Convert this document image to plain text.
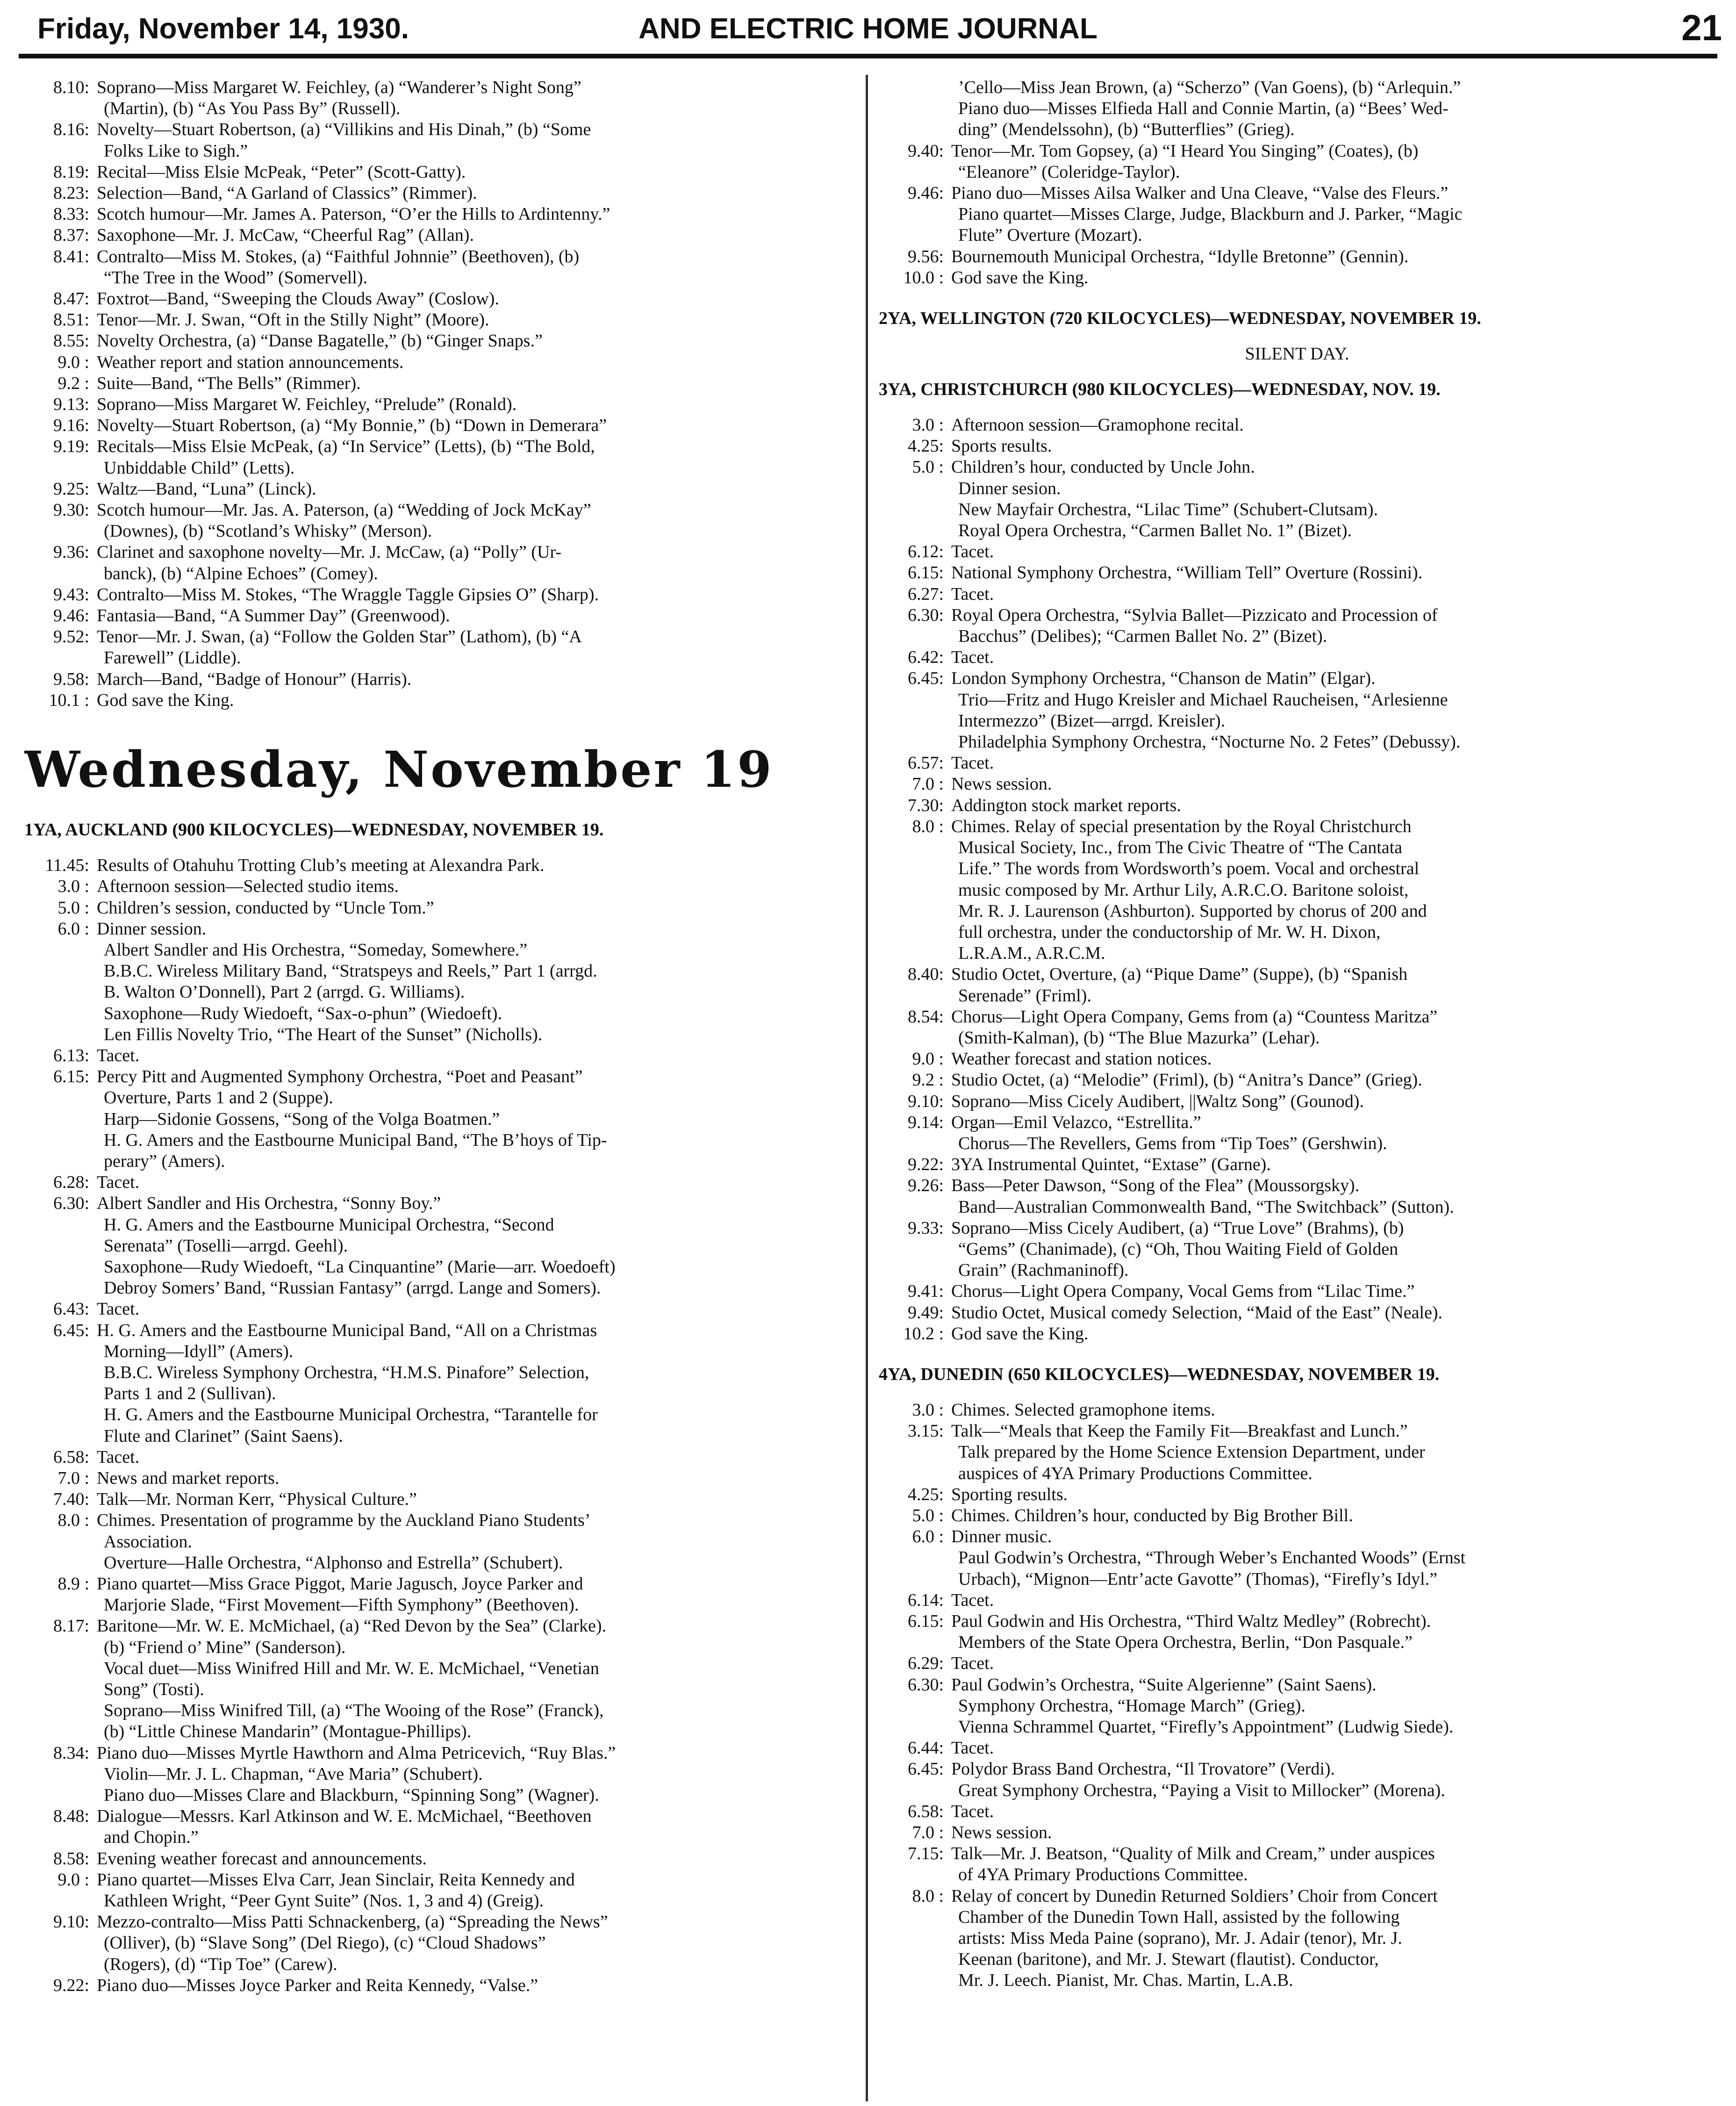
Friday, November 14, 1930.	AND ELECTRIC HOME JOURNAL	21
8.10: Soprano—Miss Margaret W. Feichley, (a) “Wanderer’s Night Song”
(Martin), (b) “As You Pass By” (Russell).
8.16: Novelty—Stuart Robertson, (a) “Villikins and His Dinah,” (b) “Some
Folks Like to Sigh.”
8.19: Recital—Miss Elsie McPeak, “Peter” (Scott-Gatty).
8.23: Selection—Band, “A Garland of Classics” (Rimmer).
8.33: Scotch humour—Mr. James A. Paterson, “O’er the Hills to Ardintenny.”
8.37: Saxophone—Mr. J. McCaw, “Cheerful Rag” (Allan).
8.41: Contralto—Miss M. Stokes, (a) “Faithful Johnnie” (Beethoven), (b)
“The Tree in the Wood” (Somervell).
8.47: Foxtrot—Band, “Sweeping the Clouds Away” (Coslow).
8.51: Tenor—Mr. J. Swan, “Oft in the Stilly Night” (Moore).
8.55: Novelty Orchestra, (a) “Danse Bagatelle,” (b) “Ginger Snaps.”
9.0 : Weather report and station announcements.
9.2 : Suite—Band, “The Bells” (Rimmer).
9.13: Soprano—Miss Margaret W. Feichley, “Prelude” (Ronald).
9.16: Novelty—Stuart Robertson, (a) “My Bonnie,” (b) “Down in Demerara”
9.19: Recitals—Miss Elsie McPeak, (a) “In Service” (Letts), (b) “The Bold,
Unbiddable Child” (Letts).
9.25: Waltz—Band, “Luna” (Linck).
9.30: Scotch humour—Mr. Jas. A. Paterson, (a) “Wedding of Jock McKay”
(Downes), (b) “Scotland’s Whisky” (Merson).
9.36: Clarinet and saxophone novelty—Mr. J. McCaw, (a) “Polly” (Ur-
banck), (b) “Alpine Echoes” (Comey).
9.43: Contralto—Miss M. Stokes, “The Wraggle Taggle Gipsies O” (Sharp).
9.46: Fantasia—Band, “A Summer Day” (Greenwood).
9.52: Tenor—Mr. J. Swan, (a) “Follow the Golden Star” (Lathom), (b) “A
Farewell” (Liddle).
9.58: March—Band, “Badge of Honour” (Harris).
10.1 : God save the King.
Wednesday, November 19
1YA, AUCKLAND (900 KILOCYCLES)—WEDNESDAY, NOVEMBER 19.
11.45: Results of Otahuhu Trotting Club’s meeting at Alexandra Park.
3.0 : Afternoon session—Selected studio items.
5.0 : Children’s session, conducted by “Uncle Tom.”
6.0 : Dinner session.
Albert Sandler and His Orchestra, “Someday, Somewhere.”
B.B.C. Wireless Military Band, “Stratspeys and Reels,” Part 1 (arrgd.
B. Walton O’Donnell), Part 2 (arrgd. G. Williams).
Saxophone—Rudy Wiedoeft, “Sax-o-phun” (Wiedoeft).
Len Fillis Novelty Trio, “The Heart of the Sunset” (Nicholls).
6.13: Tacet.
6.15: Percy Pitt and Augmented Symphony Orchestra, “Poet and Peasant”
Overture, Parts 1 and 2 (Suppe).
Harp—Sidonie Gossens, “Song of the Volga Boatmen.”
H. G. Amers and the Eastbourne Municipal Band, “The B’hoys of Tip-
perary” (Amers).
6.28: Tacet.
6.30: Albert Sandler and His Orchestra, “Sonny Boy.”
H. G. Amers and the Eastbourne Municipal Orchestra, “Second
Serenata” (Toselli—arrgd. Geehl).
Saxophone—Rudy Wiedoeft, “La Cinquantine” (Marie—arr. Woedoeft)
Debroy Somers’ Band, “Russian Fantasy” (arrgd. Lange and Somers).
6.43: Tacet.
6.45: H. G. Amers and the Eastbourne Municipal Band, “All on a Christmas
Morning—Idyll” (Amers).
B.B.C. Wireless Symphony Orchestra, “H.M.S. Pinafore” Selection,
Parts 1 and 2 (Sullivan).
H. G. Amers and the Eastbourne Municipal Orchestra, “Tarantelle for
Flute and Clarinet” (Saint Saens).
6.58: Tacet.
7.0 : News and market reports.
7.40: Talk—Mr. Norman Kerr, “Physical Culture.”
8.0 : Chimes. Presentation of programme by the Auckland Piano Students’
Association.
Overture—Halle Orchestra, “Alphonso and Estrella” (Schubert).
8.9 : Piano quartet—Miss Grace Piggot, Marie Jagusch, Joyce Parker and
Marjorie Slade, “First Movement—Fifth Symphony” (Beethoven).
8.17: Baritone—Mr. W. E. McMichael, (a) “Red Devon by the Sea” (Clarke).
(b) “Friend o’ Mine” (Sanderson).
Vocal duet—Miss Winifred Hill and Mr. W. E. McMichael, “Venetian
Song” (Tosti).
Soprano—Miss Winifred Till, (a) “The Wooing of the Rose” (Franck),
(b) “Little Chinese Mandarin” (Montague-Phillips).
8.34: Piano duo—Misses Myrtle Hawthorn and Alma Petricevich, “Ruy Blas.”
Violin—Mr. J. L. Chapman, “Ave Maria” (Schubert).
Piano duo—Misses Clare and Blackburn, “Spinning Song” (Wagner).
8.48: Dialogue—Messrs. Karl Atkinson and W. E. McMichael, “Beethoven
and Chopin.”
8.58: Evening weather forecast and announcements.
9.0 : Piano quartet—Misses Elva Carr, Jean Sinclair, Reita Kennedy and
Kathleen Wright, “Peer Gynt Suite” (Nos. 1, 3 and 4) (Greig).
9.10: Mezzo-contralto—Miss Patti Schnackenberg, (a) “Spreading the News”
(Olliver), (b) “Slave Song” (Del Riego), (c) “Cloud Shadows”
(Rogers), (d) “Tip Toe” (Carew).
9.22: Piano duo—Misses Joyce Parker and Reita Kennedy, “Valse.”
’Cello—Miss Jean Brown, (a) “Scherzo” (Van Goens), (b) “Arlequin.”
Piano duo—Misses Elfieda Hall and Connie Martin, (a) “Bees’ Wed-
ding” (Mendelssohn), (b) “Butterflies” (Grieg).
9.40: Tenor—Mr. Tom Gopsey, (a) “I Heard You Singing” (Coates), (b)
“Eleanore” (Coleridge-Taylor).
9.46: Piano duo—Misses Ailsa Walker and Una Cleave, “Valse des Fleurs.”
Piano quartet—Misses Clarge, Judge, Blackburn and J. Parker, “Magic
Flute” Overture (Mozart).
9.56: Bournemouth Municipal Orchestra, “Idylle Bretonne” (Gennin).
10.0 : God save the King.
2YA, WELLINGTON (720 KILOCYCLES)—WEDNESDAY, NOVEMBER 19.
SILENT DAY.
3YA, CHRISTCHURCH (980 KILOCYCLES)—WEDNESDAY, NOV. 19.
3.0 : Afternoon session—Gramophone recital.
4.25: Sports results.
5.0 : Children’s hour, conducted by Uncle John.
Dinner sesion.
New Mayfair Orchestra, “Lilac Time” (Schubert-Clutsam).
Royal Opera Orchestra, “Carmen Ballet No. 1” (Bizet).
6.12: Tacet.
6.15: National Symphony Orchestra, “William Tell” Overture (Rossini).
6.27: Tacet.
6.30: Royal Opera Orchestra, “Sylvia Ballet—Pizzicato and Procession of
Bacchus” (Delibes); “Carmen Ballet No. 2” (Bizet).
6.42: Tacet.
6.45: London Symphony Orchestra, “Chanson de Matin” (Elgar).
Trio—Fritz and Hugo Kreisler and Michael Raucheisen, “Arlesienne
Intermezzo” (Bizet—arrgd. Kreisler).
Philadelphia Symphony Orchestra, “Nocturne No. 2 Fetes” (Debussy).
6.57: Tacet.
7.0 : News session.
7.30: Addington stock market reports.
8.0 : Chimes. Relay of special presentation by the Royal Christchurch
Musical Society, Inc., from The Civic Theatre of “The Cantata
Life.” The words from Wordsworth’s poem. Vocal and orchestral
music composed by Mr. Arthur Lily, A.R.C.O. Baritone soloist,
Mr. R. J. Laurenson (Ashburton). Supported by chorus of 200 and
full orchestra, under the conductorship of Mr. W. H. Dixon,
L.R.A.M., A.R.C.M.
8.40: Studio Octet, Overture, (a) “Pique Dame” (Suppe), (b) “Spanish
Serenade” (Friml).
8.54: Chorus—Light Opera Company, Gems from (a) “Countess Maritza”
(Smith-Kalman), (b) “The Blue Mazurka” (Lehar).
9.0 : Weather forecast and station notices.
9.2 : Studio Octet, (a) “Melodie” (Friml), (b) “Anitra’s Dance” (Grieg).
9.10: Soprano—Miss Cicely Audibert, ||Waltz Song” (Gounod).
9.14: Organ—Emil Velazco, “Estrellita.”
Chorus—The Revellers, Gems from “Tip Toes” (Gershwin).
9.22: 3YA Instrumental Quintet, “Extase” (Garne).
9.26: Bass—Peter Dawson, “Song of the Flea” (Moussorgsky).
Band—Australian Commonwealth Band, “The Switchback” (Sutton).
9.33: Soprano—Miss Cicely Audibert, (a) “True Love” (Brahms), (b)
“Gems” (Chanimade), (c) “Oh, Thou Waiting Field of Golden
Grain” (Rachmaninoff).
9.41: Chorus—Light Opera Company, Vocal Gems from “Lilac Time.”
9.49: Studio Octet, Musical comedy Selection, “Maid of the East” (Neale).
10.2 : God save the King.
4YA, DUNEDIN (650 KILOCYCLES)—WEDNESDAY, NOVEMBER 19.
3.0 : Chimes. Selected gramophone items.
3.15: Talk—“Meals that Keep the Family Fit—Breakfast and Lunch.”
Talk prepared by the Home Science Extension Department, under
auspices of 4YA Primary Productions Committee.
4.25: Sporting results.
5.0 : Chimes. Children’s hour, conducted by Big Brother Bill.
6.0 : Dinner music.
Paul Godwin’s Orchestra, “Through Weber’s Enchanted Woods” (Ernst
Urbach), “Mignon—Entr’acte Gavotte” (Thomas), “Firefly’s Idyl.”
6.14: Tacet.
6.15: Paul Godwin and His Orchestra, “Third Waltz Medley” (Robrecht).
Members of the State Opera Orchestra, Berlin, “Don Pasquale.”
6.29: Tacet.
6.30: Paul Godwin’s Orchestra, “Suite Algerienne” (Saint Saens).
Symphony Orchestra, “Homage March” (Grieg).
Vienna Schrammel Quartet, “Firefly’s Appointment” (Ludwig Siede).
6.44: Tacet.
6.45: Polydor Brass Band Orchestra, “Il Trovatore” (Verdi).
Great Symphony Orchestra, “Paying a Visit to Millocker” (Morena).
6.58: Tacet.
7.0 : News session.
7.15: Talk—Mr. J. Beatson, “Quality of Milk and Cream,” under auspices
of 4YA Primary Productions Committee.
8.0 : Relay of concert by Dunedin Returned Soldiers’ Choir from Concert
Chamber of the Dunedin Town Hall, assisted by the following
artists: Miss Meda Paine (soprano), Mr. J. Adair (tenor), Mr. J.
Keenan (baritone), and Mr. J. Stewart (flautist). Conductor,
Mr. J. Leech. Pianist, Mr. Chas. Martin, L.A.B.
